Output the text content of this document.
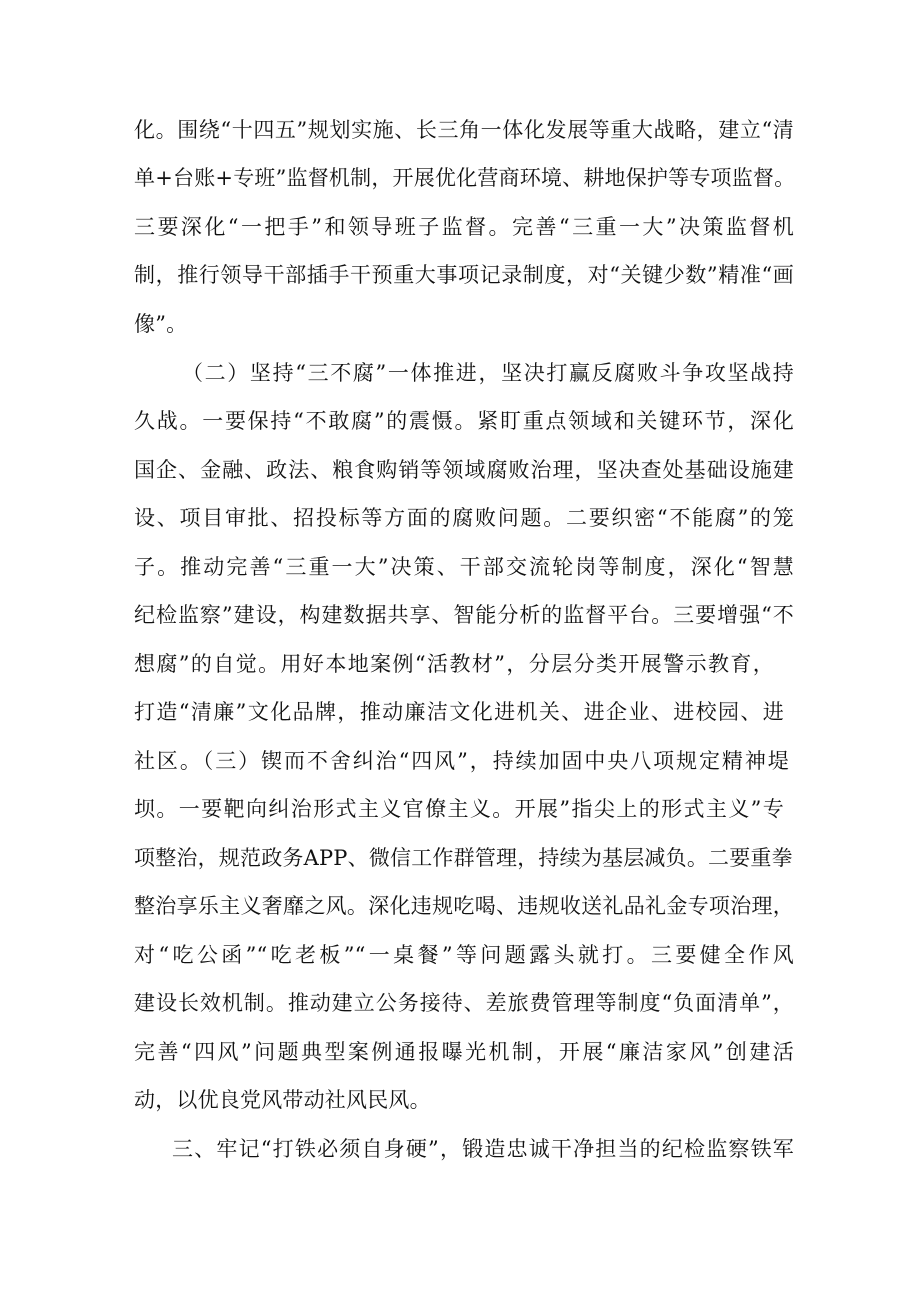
化。围绕“十四五”规划实施、长三角一体化发展等重大战略，建立“清
单+台账+专班”监督机制，开展优化营商环境、耕地保护等专项监督。
三要深化“一把手”和领导班子监督。完善“三重一大”决策监督机
制，推行领导干部插手干预重大事项记录制度，对“关键少数”精准“画
像”。
（二）坚持“三不腐”一体推进，坚决打赢反腐败斗争攻坚战持
久战。一要保持“不敢腐”的震慑。紧盯重点领域和关键环节，深化
国企、金融、政法、粮食购销等领域腐败治理，坚决查处基础设施建
设、项目审批、招投标等方面的腐败问题。二要织密“不能腐”的笼
子。推动完善“三重一大”决策、干部交流轮岗等制度，深化“智慧
纪检监察”建设，构建数据共享、智能分析的监督平台。三要增强“不
想腐”的自觉。用好本地案例“活教材”，分层分类开展警示教育，
打造“清廉”文化品牌，推动廉洁文化进机关、进企业、进校园、进
社区。（三）锲而不舍纠治“四风”，持续加固中央八项规定精神堤
坝。一要靶向纠治形式主义官僚主义。开展”指尖上的形式主义”专
项整治，规范政务APP、微信工作群管理，持续为基层减负。二要重拳
整治享乐主义奢靡之风。深化违规吃喝、违规收送礼品礼金专项治理，
对“吃公函”“吃老板”“一桌餐”等问题露头就打。三要健全作风
建设长效机制。推动建立公务接待、差旅费管理等制度“负面清单”，
完善“四风”问题典型案例通报曝光机制，开展“廉洁家风”创建活
动，以优良党风带动社风民风。
三、牢记“打铁必须自身硬”，锻造忠诚干净担当的纪检监察铁军
